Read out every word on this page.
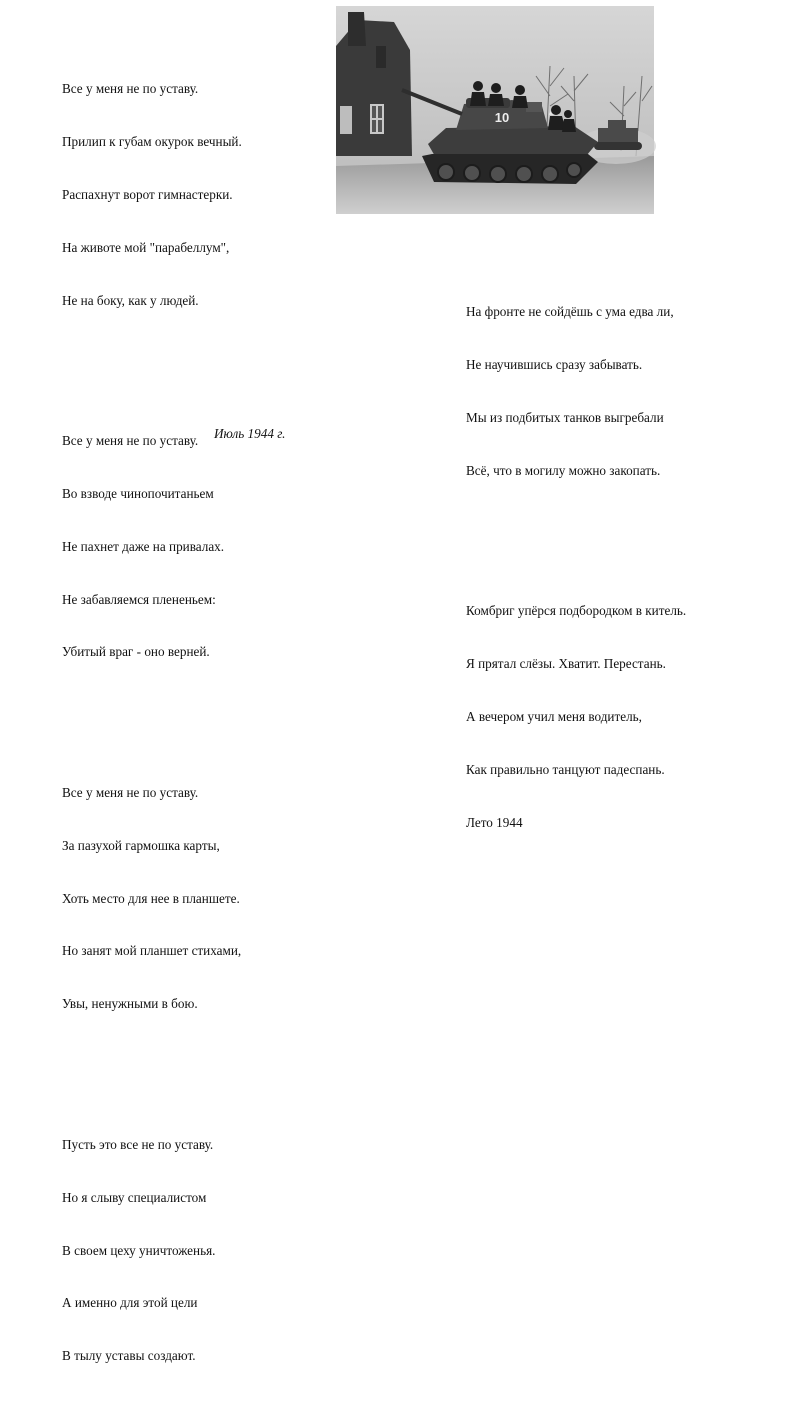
Все у меня не по уставу.

Прилип к губам окурок вечный.

Распахнут ворот гимнастерки.

На животе мой "парабеллум",

Не на боку, как у людей.

Все у меня не по уставу.

Во взводе чинопочитаньем

Не пахнет даже на привалах.

Не забавляемся плененьем:

Убитый враг - оно верней.

Все у меня не по уставу.

За пазухой гармошка карты,

Хоть место для нее в планшете.

Но занят мой планшет стихами,

Увы, ненужными в бою.

Пусть это все не по уставу.

Но я слыву специалистом

В своем цеху уничтоженья.

А именно для этой цели

В тылу уставы создают.

Июль 1944 г.
10

На фронте не сойдёшь с ума едва ли,

Не научившись сразу забывать.

Мы из подбитых танков выгребали

Всё, что в могилу можно закопать.

Комбриг упёрся подбородком в китель.

Я прятал слёзы. Хватит. Перестань.

А вечером учил меня водитель,

Как правильно танцуют падеспань.

Лето 1944
